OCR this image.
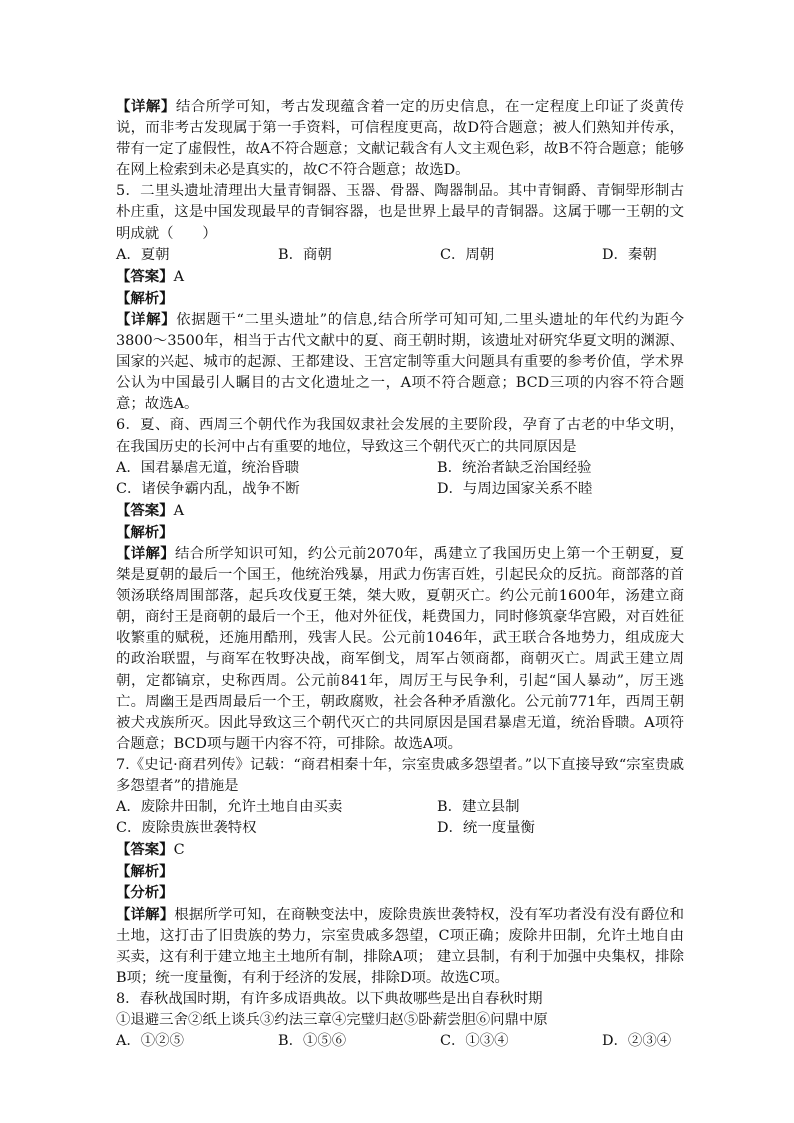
【详解】结合所学可知，考古发现蕴含着一定的历史信息，在一定程度上印证了炎黄传说，而非考古发现属于第一手资料，可信程度更高，故D符合题意；被人们熟知并传承，带有一定了虚假性，故A不符合题意；文献记载含有人文主观色彩，故B不符合题意；能够在网上检索到未必是真实的，故C不符合题意；故选D。

5．二里头遗址清理出大量青铜器、玉器、骨器、陶器制品。其中青铜爵、青铜斝形制古朴庄重，这是中国发现最早的青铜容器，也是世界上最早的青铜器。这属于哪一王朝的文明成就（　　）

A．夏朝	B．商朝	C．周朝	D．秦朝

【答案】A

【解析】

【详解】依据题干“二里头遗址”的信息,结合所学可知可知,二里头遗址的年代约为距今3800～3500年，相当于古代文献中的夏、商王朝时期，该遗址对研究华夏文明的渊源、国家的兴起、城市的起源、王都建设、王宫定制等重大问题具有重要的参考价值，学术界公认为中国最引人瞩目的古文化遗址之一，A项不符合题意；BCD三项的内容不符合题意；故选A。

6．夏、商、西周三个朝代作为我国奴隶社会发展的主要阶段，孕育了古老的中华文明，在我国历史的长河中占有重要的地位，导致这三个朝代灭亡的共同原因是

A．国君暴虐无道，统治昏聩	B．统治者缺乏治国经验
C．诸侯争霸内乱，战争不断	D．与周边国家关系不睦

【答案】A

【解析】

【详解】结合所学知识可知，约公元前2070年，禹建立了我国历史上第一个王朝夏，夏桀是夏朝的最后一个国王，他统治残暴，用武力伤害百姓，引起民众的反抗。商部落的首领汤联络周围部落，起兵攻伐夏王桀，桀大败，夏朝灭亡。约公元前1600年，汤建立商朝，商纣王是商朝的最后一个王，他对外征伐，耗费国力，同时修筑豪华宫殿，对百姓征收繁重的赋税，还施用酷刑，残害人民。公元前1046年，武王联合各地势力，组成庞大的政治联盟，与商军在牧野决战，商军倒戈，周军占领商都，商朝灭亡。周武王建立周朝，定都镐京，史称西周。公元前841年，周厉王与民争利，引起“国人暴动”，厉王逃亡。周幽王是西周最后一个王，朝政腐败，社会各种矛盾激化。公元前771年，西周王朝被犬戎族所灭。因此导致这三个朝代灭亡的共同原因是国君暴虐无道，统治昏聩。A项符合题意；BCD项与题干内容不符，可排除。故选A项。

7.《史记·商君列传》记载：“商君相秦十年，宗室贵戚多怨望者。”以下直接导致“宗室贵戚多怨望者”的措施是

A．废除井田制，允许土地自由买卖	B．建立县制
C．废除贵族世袭特权	D．统一度量衡

【答案】C

【解析】

【分析】

【详解】根据所学可知，在商鞅变法中，废除贵族世袭特权，没有军功者没有没有爵位和土地，这打击了旧贵族的势力，宗室贵戚多怨望，C项正确；废除井田制，允许土地自由买卖，这有利于建立地主土地所有制，排除A项； 建立县制，有利于加强中央集权，排除B项；统一度量衡，有利于经济的发展，排除D项。故选C项。

8．春秋战国时期，有许多成语典故。以下典故哪些是出自春秋时期

①退避三舍②纸上谈兵③约法三章④完璧归赵⑤卧薪尝胆⑥问鼎中原

A．①②⑤	B．①⑤⑥	C．①③④	D．②③④
